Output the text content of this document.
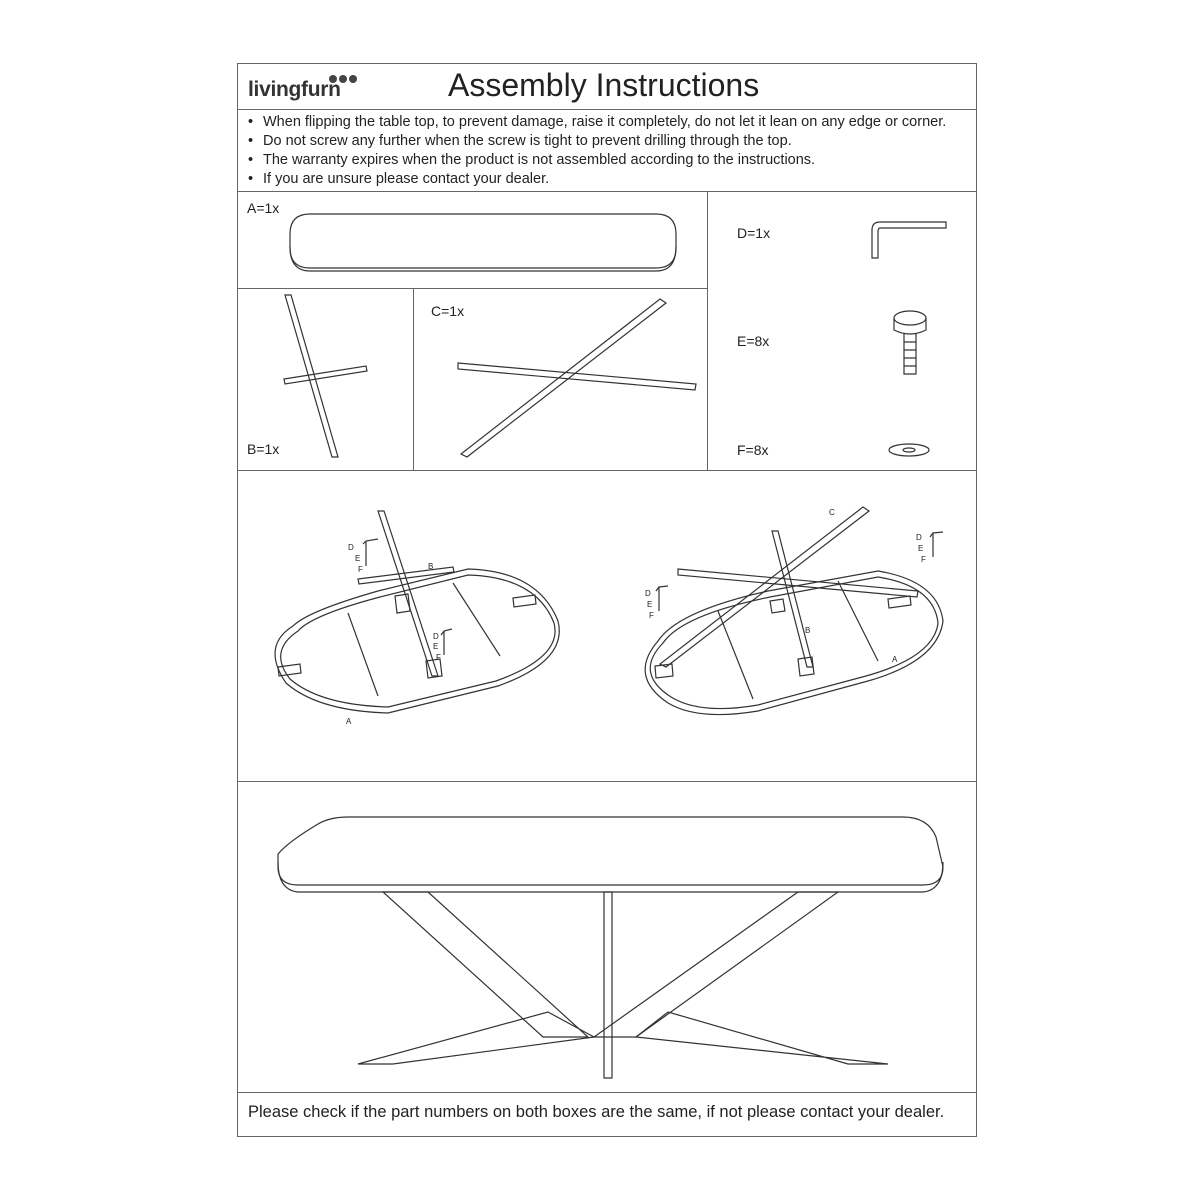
livingfurn	Assembly Instructions
• When flipping the table top, to prevent damage, raise it completely, do not let it lean on any edge or corner.
• Do not screw any further when the screw is tight to prevent drilling through the top.
• The warranty expires when the product is not assembled according to the instructions.
• If you are unsure please contact your dealer.
A=1x
B=1x
C=1x
D=1x
E=8x
F=8x
D
E
F	B
D
E
F
A
C
B
A
D
E
F
D
E
F
Please check if the part numbers on both boxes are the same, if not please contact your dealer.
